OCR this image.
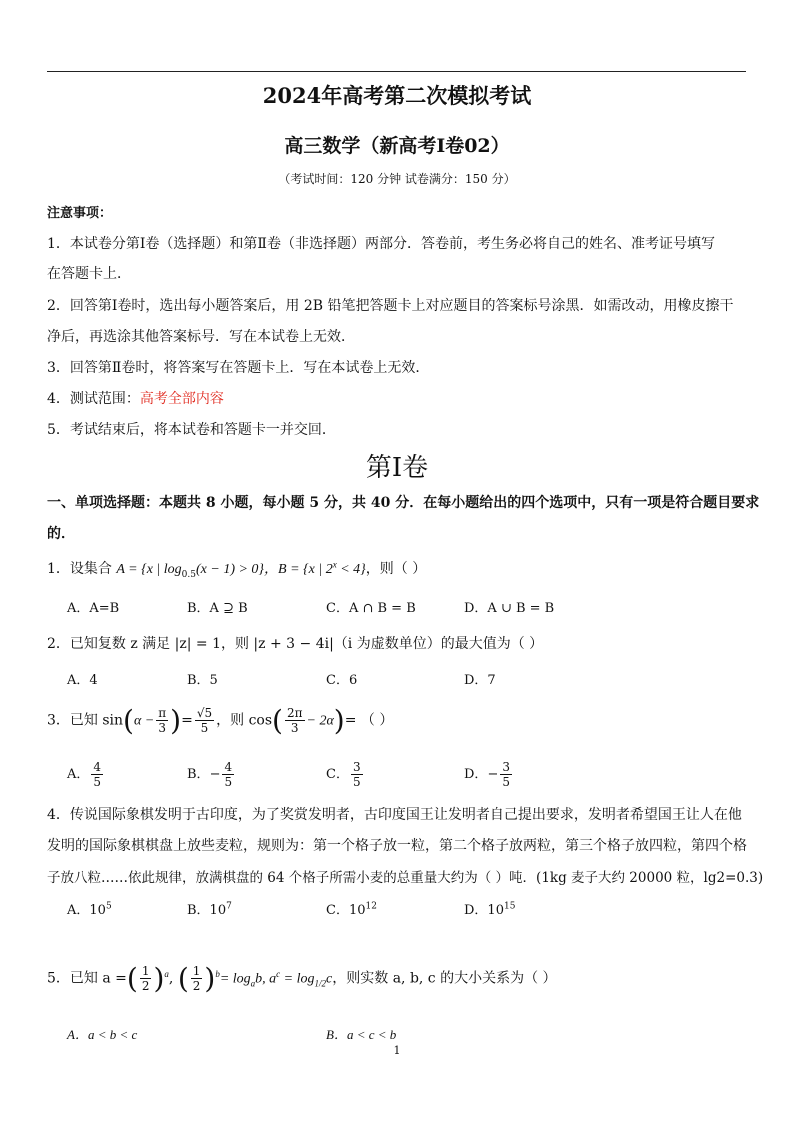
2024年高考第二次模拟考试
高三数学（新高考Ⅰ卷02）
（考试时间：120 分钟 试卷满分：150 分）
注意事项：
1．本试卷分第Ⅰ卷（选择题）和第Ⅱ卷（非选择题）两部分．答卷前，考生务必将自己的姓名、准考证号填写
在答题卡上．
2．回答第Ⅰ卷时，选出每小题答案后，用 2B 铅笔把答题卡上对应题目的答案标号涂黑．如需改动，用橡皮擦干
净后，再选涂其他答案标号．写在本试卷上无效．
3．回答第Ⅱ卷时，将答案写在答题卡上．写在本试卷上无效．
4．测试范围：高考全部内容
5．考试结束后，将本试卷和答题卡一并交回．
第Ⅰ卷
一、单项选择题：本题共 8 小题，每小题 5 分，共 40 分．在每小题给出的四个选项中，只有一项是符合题目要求
的．
1．设集合 A = {x | $\log_{0.5}(x - 1) > 0$}，B = {x | $2^x < 4$}，则（ ）
A．A=B	B．A ⊇ B	C．A ∩ B = B	D．A ∪ B = B
2．已知复数 z 满足 |z| = 1，则 |z + 3 − 4i|（i 为虚数单位）的最大值为（ ）
A．4	B．5	C．6	D．7
3．已知 $\sin(\alpha - \frac{\pi}{3}$ )= $\frac{√5}{5}$ ，则 $\cos( \frac{2\pi}{3} - 2\alpha)=$ （ ）
A． $\frac{4}{5}$	B．− $\frac{4}{5}$	C． $\frac{3}{5}$	D．− $\frac{3}{5}$
4．传说国际象棋发明于古印度，为了奖赏发明者，古印度国王让发明者自己提出要求，发明者希望国王让人在他
发明的国际象棋棋盘上放些麦粒，规则为：第一个格子放一粒，第二个格子放两粒，第三个格子放四粒，第四个格
子放八粒……依此规律，放满棋盘的 64 个格子所需小麦的总重量大约为（ ）吨．(1kg 麦子大约 20000 粒，lg2=0.3)
A．$10^5$	B．$10^7$	C．$10^{12}$	D．$10^{15}$
5．已知 a =( $\frac{1}{2} )^a$, ( $\frac{1}{2} )^b= \log_ab$, $a^c = \log_{1/2}c$，则实数 a, b, c 的大小关系为（ ）
A．a < b < c	B．a < c < b
1
